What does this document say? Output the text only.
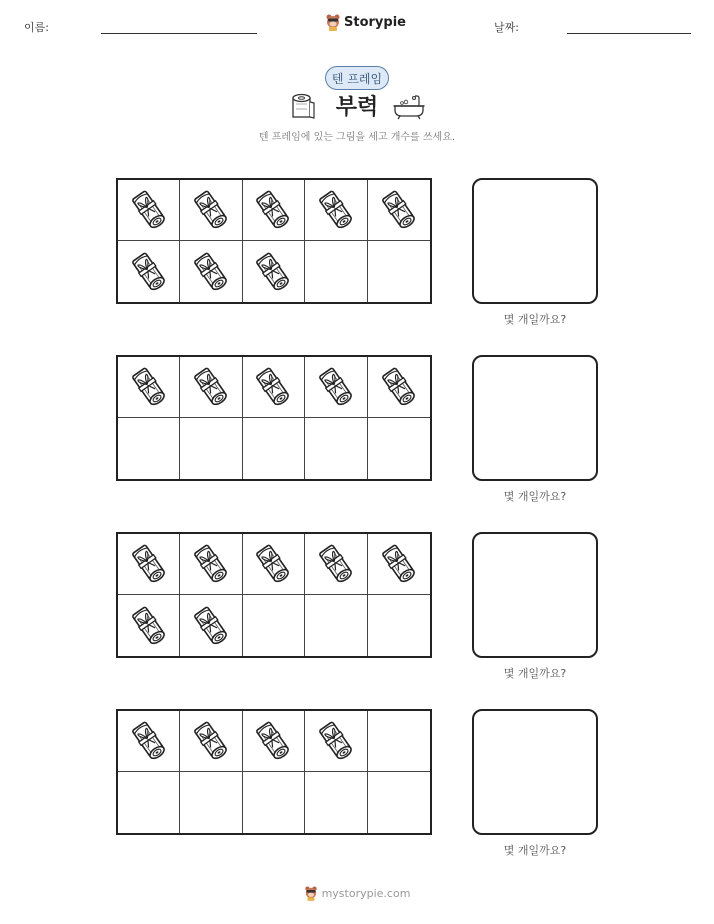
이름:	날짜:
Storypie
텐 프레임
부력
텐 프레임에 있는 그림을 세고 개수를 쓰세요.
몇 개일까요?
몇 개일까요?
몇 개일까요?
몇 개일까요?
mystorypie.com
